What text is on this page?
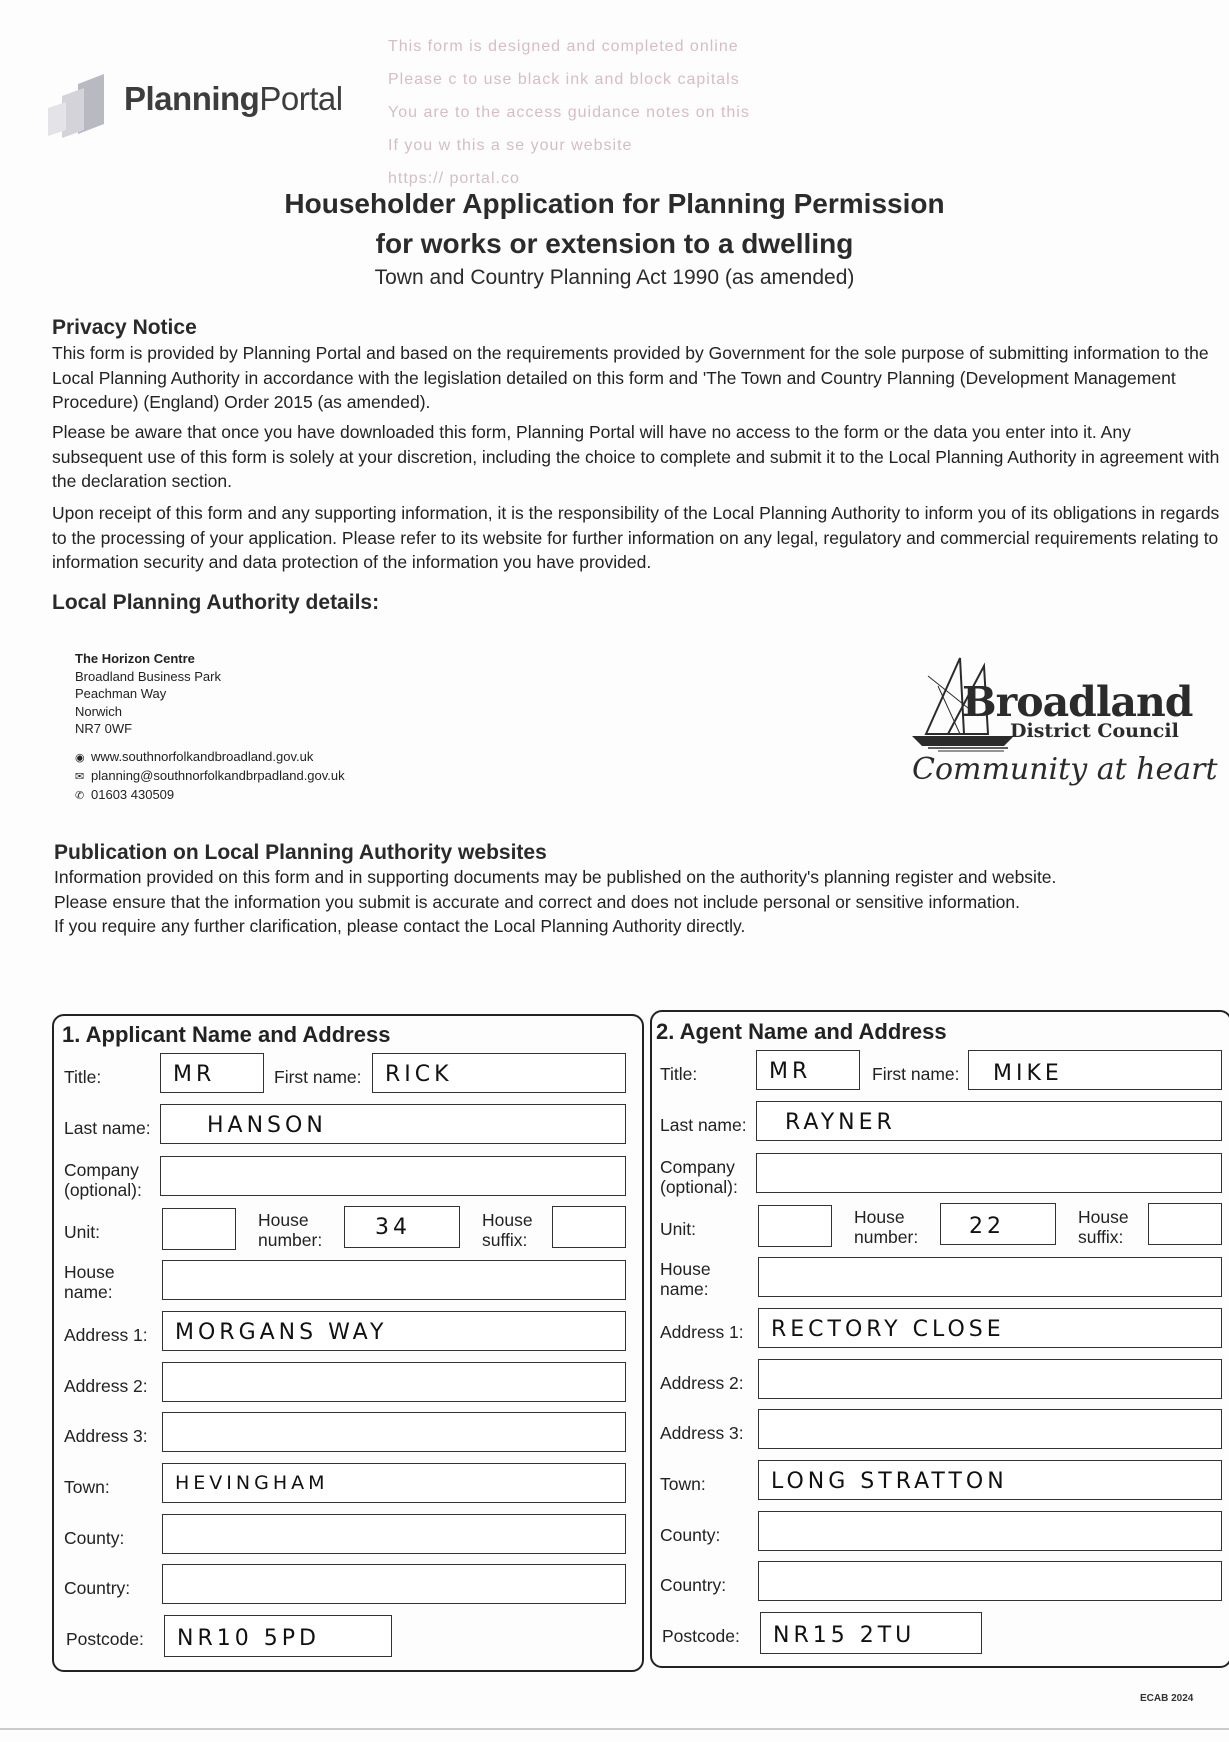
PlanningPortal
This form is designed and completed online
Please c to use black ink and block capitals
You are to the access guidance notes on this
If you w this a se your website
https:// portal.co
Householder Application for Planning Permission
for works or extension to a dwelling
Town and Country Planning Act 1990 (as amended)
Privacy Notice
This form is provided by Planning Portal and based on the requirements provided by Government for the sole purpose of submitting information to the Local Planning Authority in accordance with the legislation detailed on this form and 'The Town and Country Planning (Development Management Procedure) (England) Order 2015 (as amended).
Please be aware that once you have downloaded this form, Planning Portal will have no access to the form or the data you enter into it. Any subsequent use of this form is solely at your discretion, including the choice to complete and submit it to the Local Planning Authority in agreement with the declaration section.
Upon receipt of this form and any supporting information, it is the responsibility of the Local Planning Authority to inform you of its obligations in regards to the processing of your application. Please refer to its website for further information on any legal, regulatory and commercial requirements relating to information security and data protection of the information you have provided.
Local Planning Authority details:
The Horizon Centre
Broadland Business Park
Peachman Way
Norwich
NR7 0WF
◉ www.southnorfolkandbroadland.gov.uk
✉ planning@southnorfolkandbrpadland.gov.uk
✆ 01603 430509
Broadland
District Council
Community at heart
Publication on Local Planning Authority websites
Information provided on this form and in supporting documents may be published on the authority's planning register and website.
Please ensure that the information you submit is accurate and correct and does not include personal or sensitive information.
If you require any further clarification, please contact the Local Planning Authority directly.
1. Applicant Name and Address
Title:	MR	First name:	RICK
Last name:	HANSON
Company
(optional):
Unit:
House
number:	34	House
suffix:
House
name:
Address 1:	MORGANS WAY
Address 2:
Address 3:
Town:	HEVINGHAM
County:
Country:
Postcode:	NR10 5PD
2. Agent Name and Address
Title:	MR	First name:	MIKE
Last name:	RAYNER
Company
(optional):
Unit:
House
number:	22	House
suffix:
House
name:
Address 1:	RECTORY CLOSE
Address 2:
Address 3:
Town:	LONG STRATTON
County:
Country:
Postcode:	NR15 2TU
ECAB 2024
